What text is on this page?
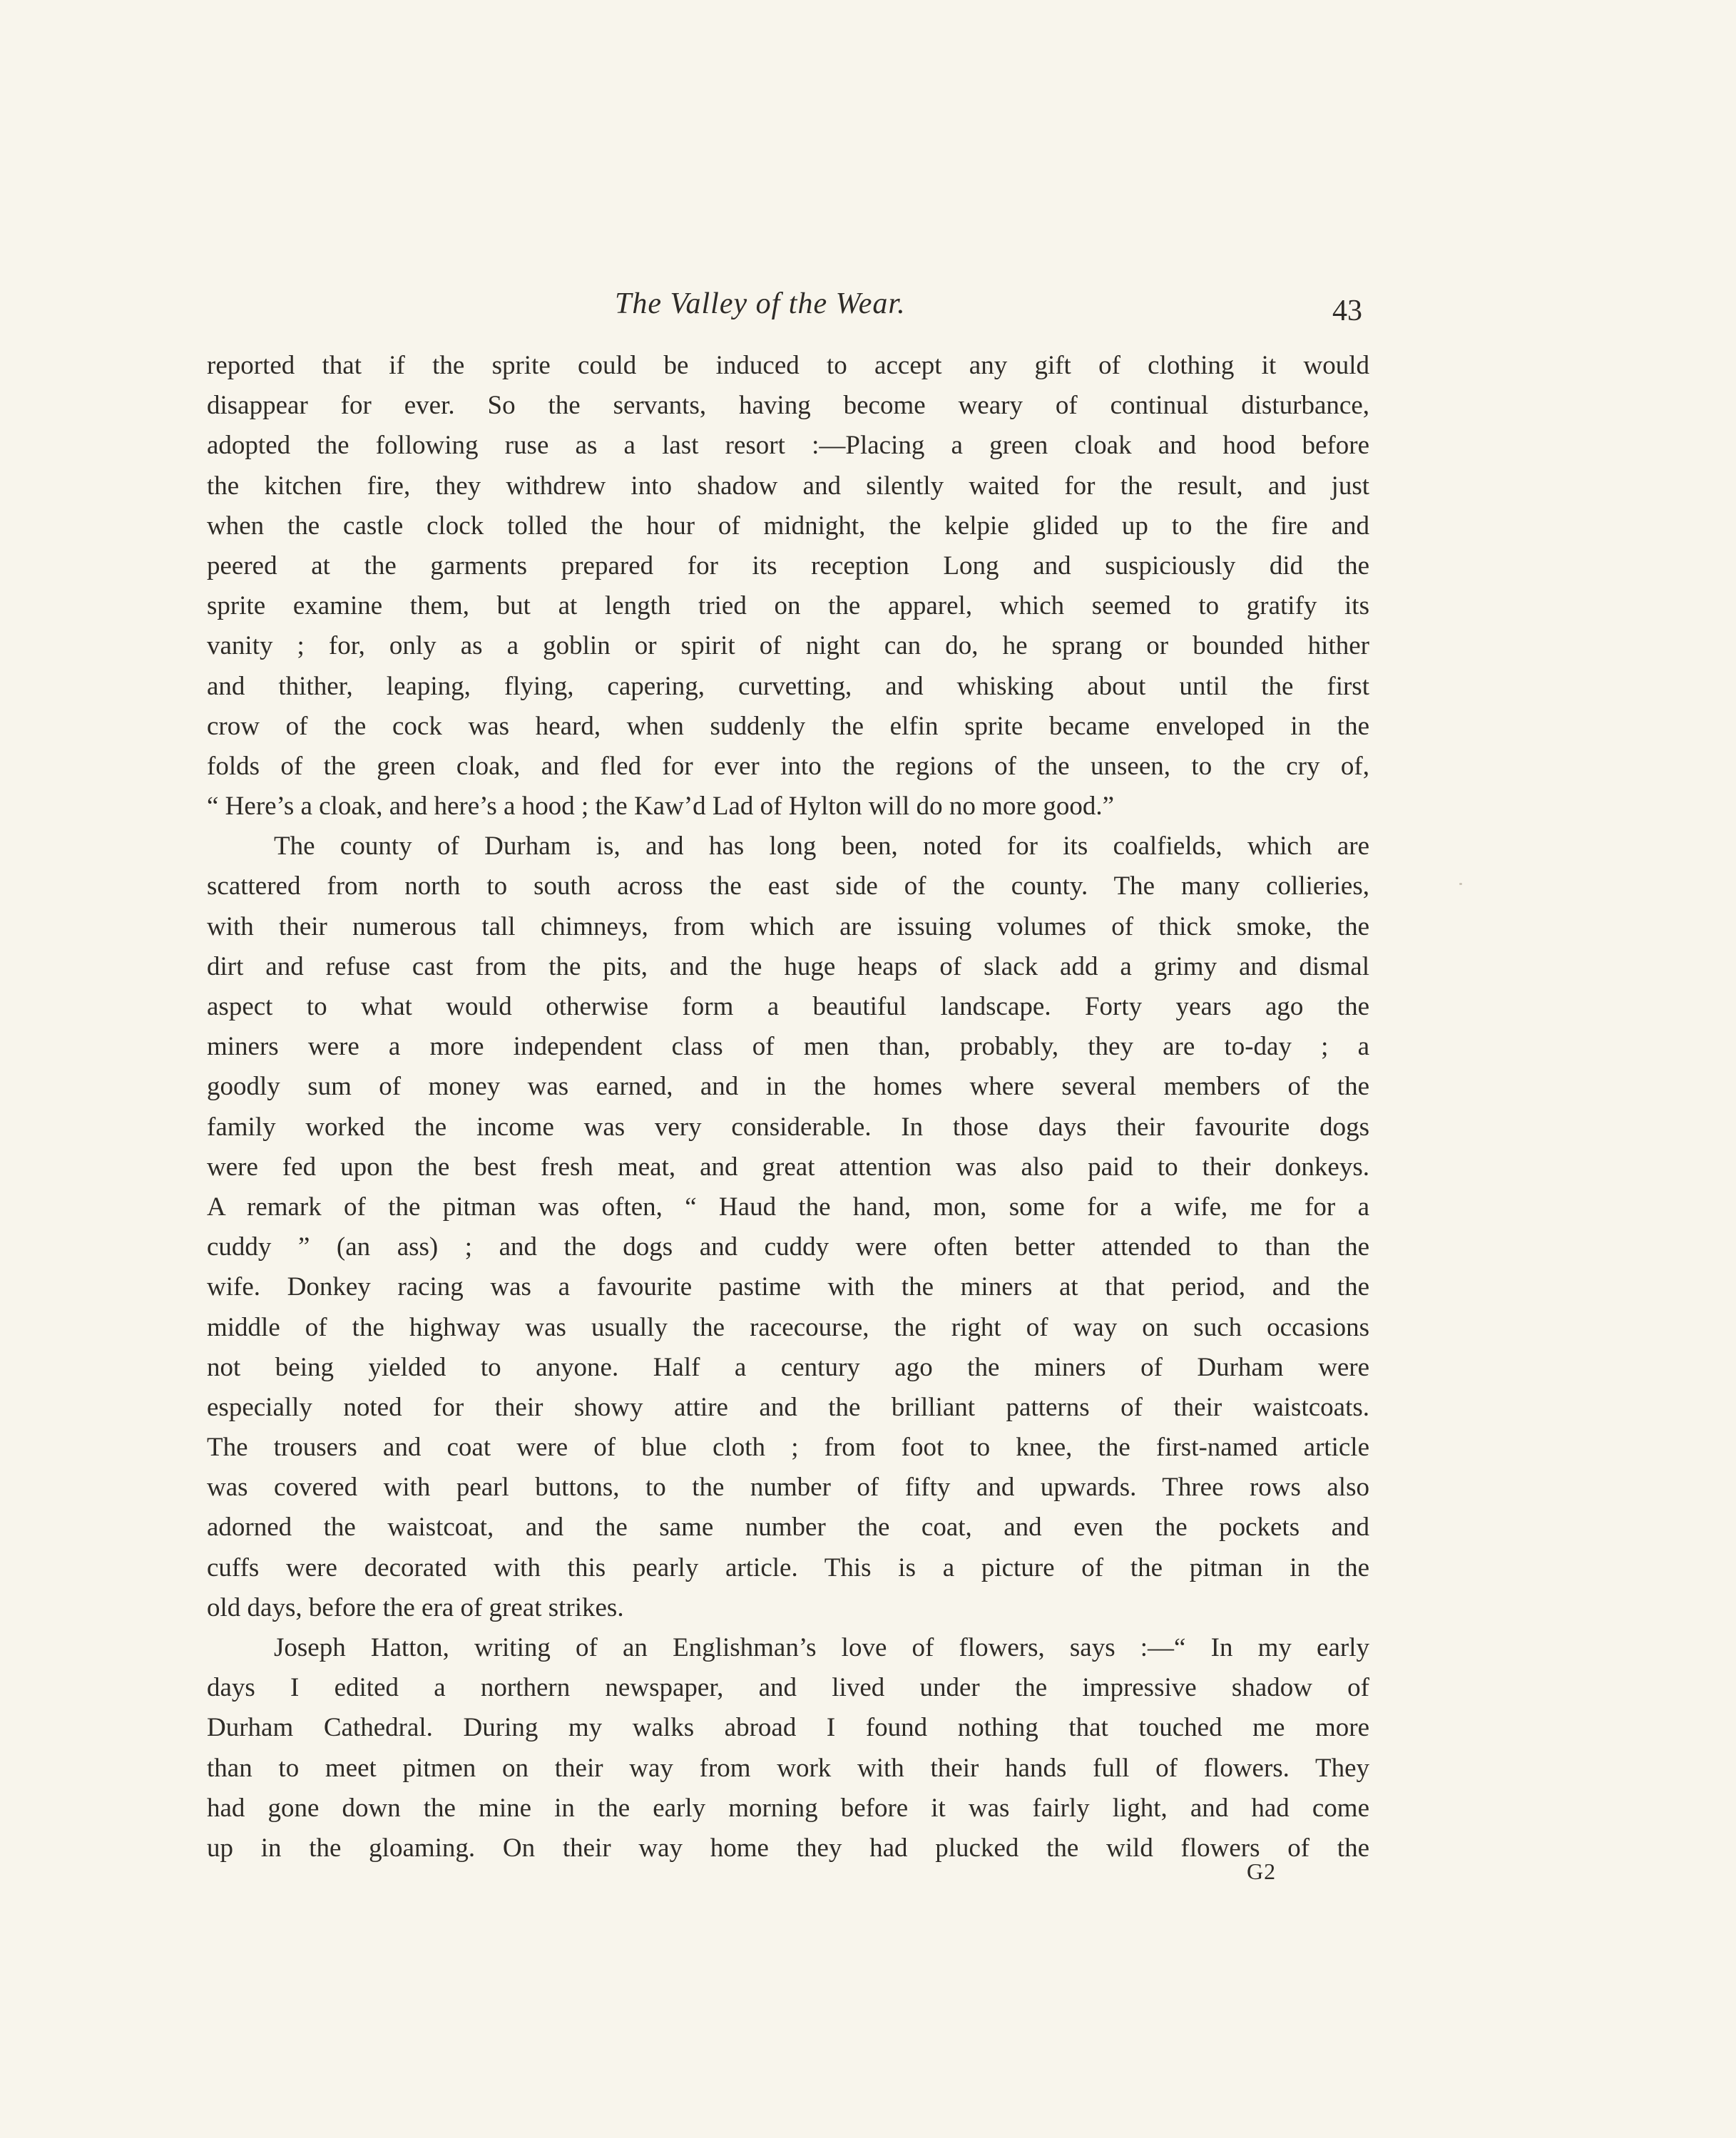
The Valley of the Wear.	43
reported that if the sprite could be induced to accept any gift of clothing it would
disappear for ever. So the servants, having become weary of continual disturbance,
adopted the following ruse as a last resort :—Placing a green cloak and hood before
the kitchen fire, they withdrew into shadow and silently waited for the result, and just
when the castle clock tolled the hour of midnight, the kelpie glided up to the fire and
peered at the garments prepared for its reception Long and suspiciously did the
sprite examine them, but at length tried on the apparel, which seemed to gratify its
vanity ; for, only as a goblin or spirit of night can do, he sprang or bounded hither
and thither, leaping, flying, capering, curvetting, and whisking about until the first
crow of the cock was heard, when suddenly the elfin sprite became enveloped in the
folds of the green cloak, and fled for ever into the regions of the unseen, to the cry of,
“ Here’s a cloak, and here’s a hood ; the Kaw’d Lad of Hylton will do no more good.”
The county of Durham is, and has long been, noted for its coalfields, which are
scattered from north to south across the east side of the county. The many collieries,
with their numerous tall chimneys, from which are issuing volumes of thick smoke, the
dirt and refuse cast from the pits, and the huge heaps of slack add a grimy and dismal
aspect to what would otherwise form a beautiful landscape. Forty years ago the
miners were a more independent class of men than, probably, they are to-day ; a
goodly sum of money was earned, and in the homes where several members of the
family worked the income was very considerable. In those days their favourite dogs
were fed upon the best fresh meat, and great attention was also paid to their donkeys.
A remark of the pitman was often, “ Haud the hand, mon, some for a wife, me for a
cuddy ” (an ass) ; and the dogs and cuddy were often better attended to than the
wife. Donkey racing was a favourite pastime with the miners at that period, and the
middle of the highway was usually the racecourse, the right of way on such occasions
not being yielded to anyone. Half a century ago the miners of Durham were
especially noted for their showy attire and the brilliant patterns of their waistcoats.
The trousers and coat were of blue cloth ; from foot to knee, the first-named article
was covered with pearl buttons, to the number of fifty and upwards. Three rows also
adorned the waistcoat, and the same number the coat, and even the pockets and
cuffs were decorated with this pearly article. This is a picture of the pitman in the
old days, before the era of great strikes.
Joseph Hatton, writing of an Englishman’s love of flowers, says :—“ In my early
days I edited a northern newspaper, and lived under the impressive shadow of
Durham Cathedral. During my walks abroad I found nothing that touched me more
than to meet pitmen on their way from work with their hands full of flowers. They
had gone down the mine in the early morning before it was fairly light, and had come
up in the gloaming. On their way home they had plucked the wild flowers of the
G2
